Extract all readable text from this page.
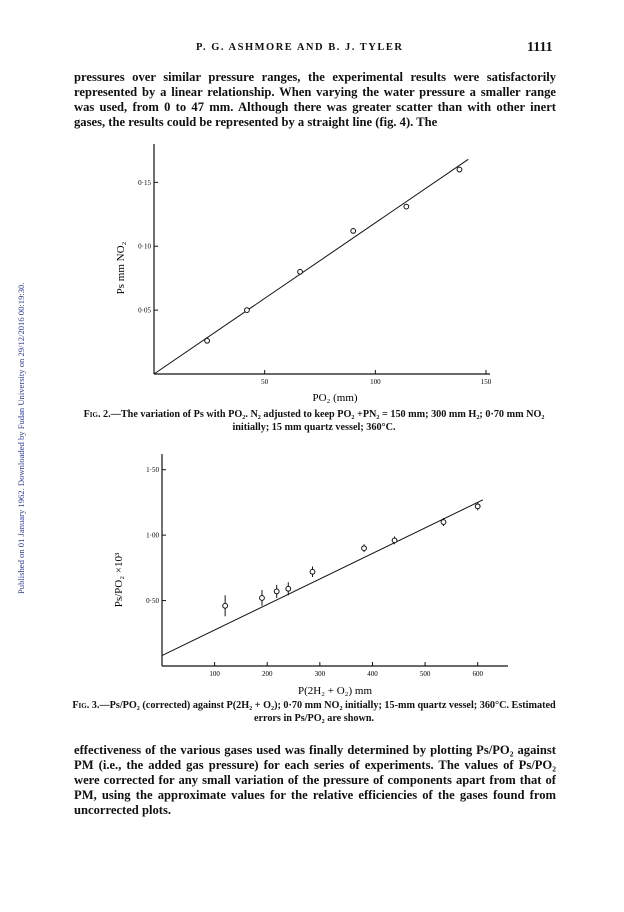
P. G. ASHMORE AND B. J. TYLER	1111
Published on 01 January 1962. Downloaded by Fudan University on 29/12/2016 00:19:30.

pressures over similar pressure ranges, the experimental results were satisfactorily represented by a linear relationship. When varying the water pressure a smaller range was used, from 0 to 47 mm. Although there was greater scatter than with other inert gases, the results could be represented by a straight line (fig. 4). The

50	100	150
0·05
0·10
0·15
PO₂ (mm)
Ps mm NO₂
Fig. 2.—The variation of Ps with PO₂. N₂ adjusted to keep PO₂ +PN₂ = 150 mm; 300 mm H₂; 0·70 mm NO₂ initially; 15 mm quartz vessel; 360°C.
100	200	300	400	500	600
0·50
1·00
1·50
P(2H₂ + O₂) mm
Ps/PO₂ ×10³
Fig. 3.—Ps/PO₂ (corrected) against P(2H₂ + O₂); 0·70 mm NO₂ initially; 15-mm quartz vessel; 360°C. Estimated errors in Ps/PO₂ are shown.

effectiveness of the various gases used was finally determined by plotting Ps/PO₂ against PM (i.e., the added gas pressure) for each series of experiments. The values of Ps/PO₂ were corrected for any small variation of the pressure of components apart from that of PM, using the approximate values for the relative efficiencies of the gases found from uncorrected plots.
